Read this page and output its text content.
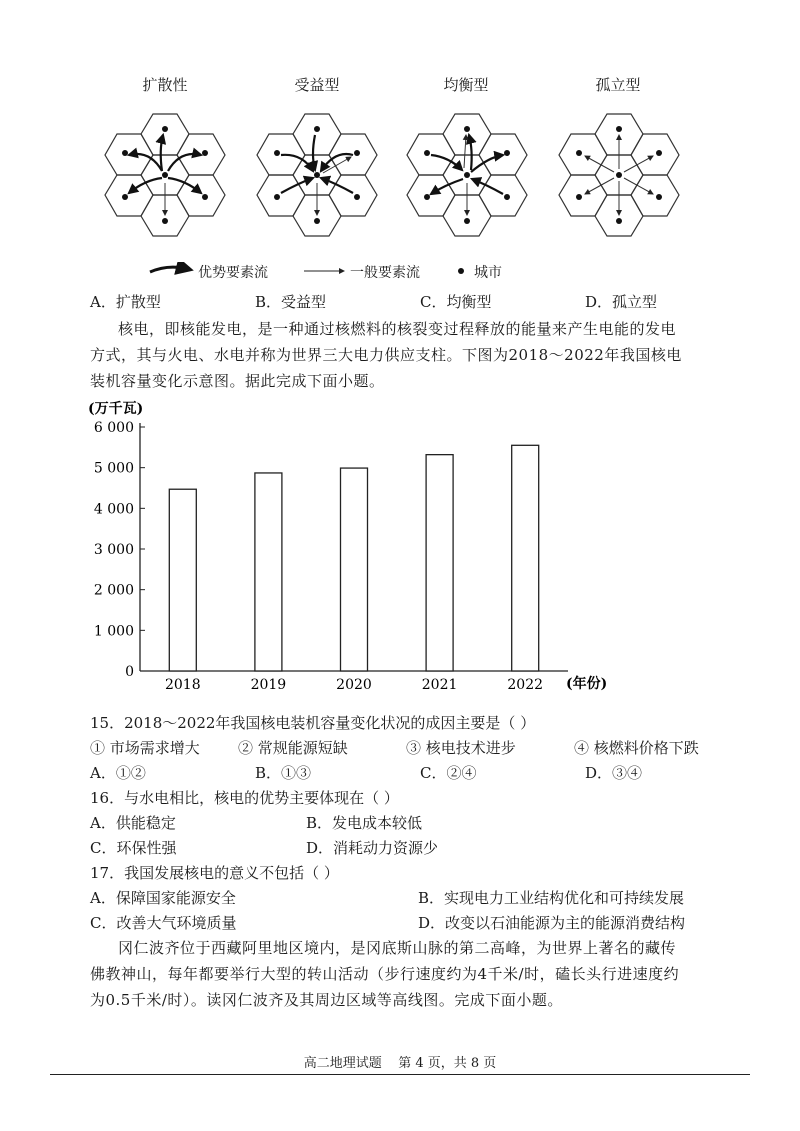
扩散性	受益型	均衡型	孤立型
优势要素流	一般要素流	城市
A．扩散型	B．受益型	C．均衡型	D．孤立型
核电，即核能发电，是一种通过核燃料的核裂变过程释放的能量来产生电能的发电
方式，其与火电、水电并称为世界三大电力供应支柱。下图为2018～2022年我国核电
装机容量变化示意图。据此完成下面小题。
(万千瓦)
0
1 000
2 000
3 000
4 000
5 000
6 000
2018	2019	2020	2021	2022 (年份)
15．2018～2022年我国核电装机容量变化状况的成因主要是（ ）
① 市场需求增大	② 常规能源短缺	③ 核电技术进步	④ 核燃料价格下跌
A．①②	B．①③	C．②④	D．③④
16．与水电相比，核电的优势主要体现在（ ）
A．供能稳定	B．发电成本较低
C．环保性强	D．消耗动力资源少
17．我国发展核电的意义不包括（ ）
A．保障国家能源安全	B．实现电力工业结构优化和可持续发展
C．改善大气环境质量	D．改变以石油能源为主的能源消费结构
冈仁波齐位于西藏阿里地区境内，是冈底斯山脉的第二高峰，为世界上著名的藏传
佛教神山，每年都要举行大型的转山活动（步行速度约为4千米/时，磕长头行进速度约
为0.5千米/时）。读冈仁波齐及其周边区域等高线图。完成下面小题。
高二地理试题    第 4 页，共 8 页
